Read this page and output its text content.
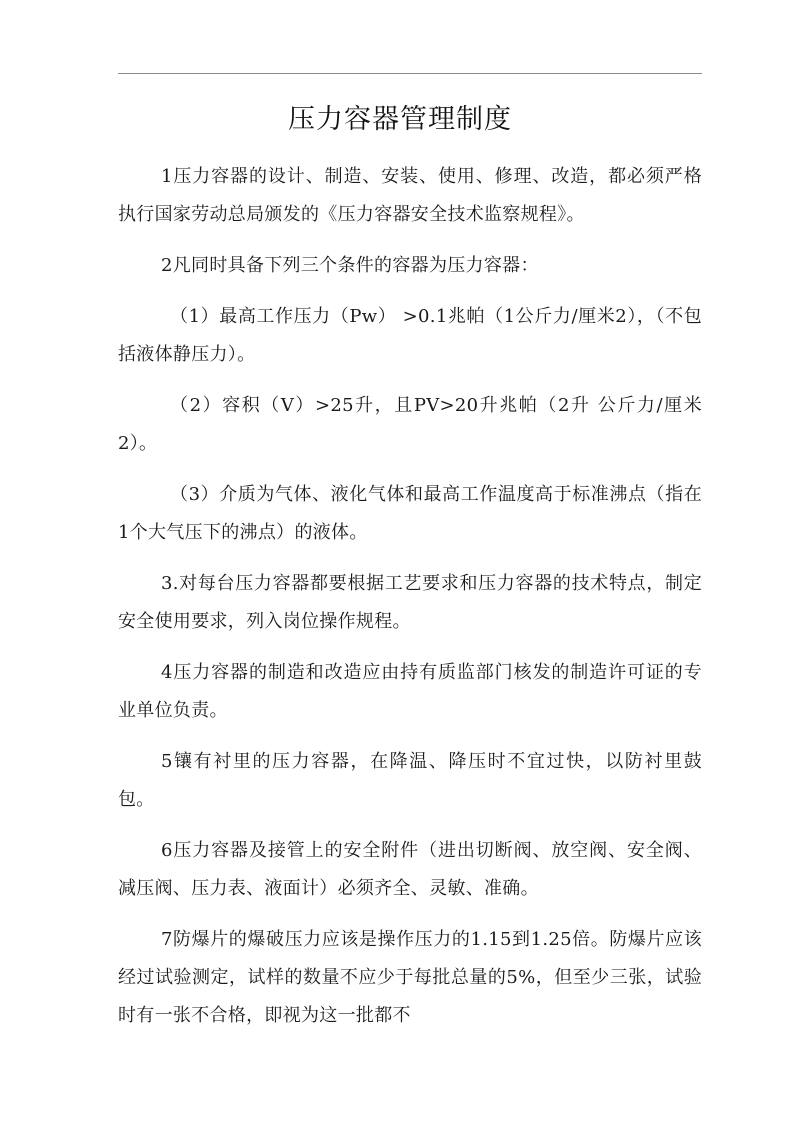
压力容器管理制度

1压力容器的设计、制造、安装、使用、修理、改造，都必须严格执行国家劳动总局颁发的《压力容器安全技术监察规程》。

2凡同时具备下列三个条件的容器为压力容器：

（1）最高工作压力（Pw） >0.1兆帕（1公斤力/厘米2），（不包括液体静压力）。

（2）容积（V）>25升，且PV>20升兆帕（2升 公斤力/厘米2）。

（3）介质为气体、液化气体和最高工作温度高于标准沸点（指在1个大气压下的沸点）的液体。

3.对每台压力容器都要根据工艺要求和压力容器的技术特点，制定安全使用要求，列入岗位操作规程。

4压力容器的制造和改造应由持有质监部门核发的制造许可证的专业单位负责。

5镶有衬里的压力容器，在降温、降压时不宜过快，以防衬里鼓包。

6压力容器及接管上的安全附件（进出切断阀、放空阀、安全阀、减压阀、压力表、液面计）必须齐全、灵敏、准确。

7防爆片的爆破压力应该是操作压力的1.15到1.25倍。防爆片应该经过试验测定，试样的数量不应少于每批总量的5%，但至少三张，试验时有一张不合格，即视为这一批都不
